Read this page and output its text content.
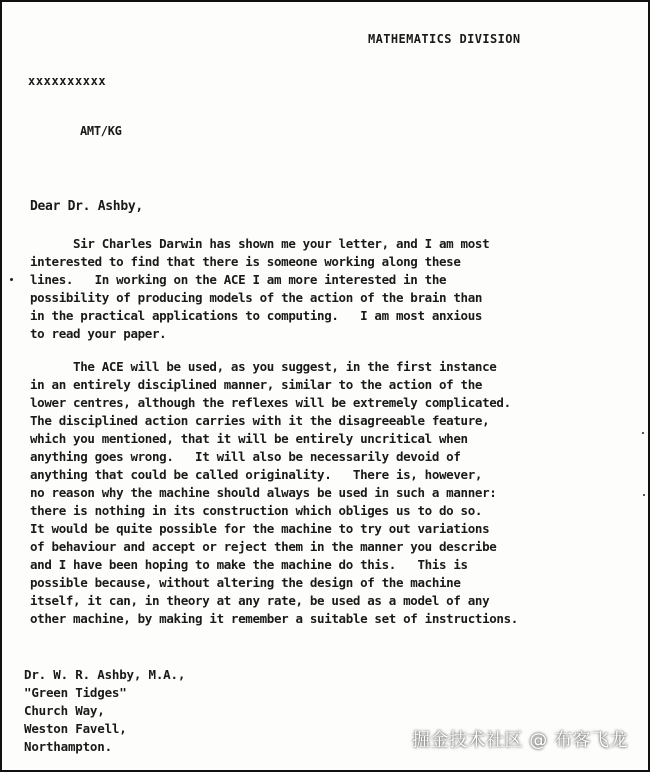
MATHEMATICS DIVISION
xxxxxxxxxx
AMT/KG
Dear Dr. Ashby,
Sir Charles Darwin has shown me your letter, and I am most
interested to find that there is someone working along these
lines.   In working on the ACE I am more interested in the
possibility of producing models of the action of the brain than
in the practical applications to computing.   I am most anxious
to read your paper.
The ACE will be used, as you suggest, in the first instance
in an entirely disciplined manner, similar to the action of the
lower centres, although the reflexes will be extremely complicated.
The disciplined action carries with it the disagreeable feature,
which you mentioned, that it will be entirely uncritical when
anything goes wrong.   It will also be necessarily devoid of
anything that could be called originality.   There is, however,
no reason why the machine should always be used in such a manner:
there is nothing in its construction which obliges us to do so.
It would be quite possible for the machine to try out variations
of behaviour and accept or reject them in the manner you describe
and I have been hoping to make the machine do this.   This is
possible because, without altering the design of the machine
itself, it can, in theory at any rate, be used as a model of any
other machine, by making it remember a suitable set of instructions.
Dr. W. R. Ashby, M.A.,
"Green Tidges"
Church Way,
Weston Favell,
Northampton.	掘金技术社区 @ 布客飞龙
